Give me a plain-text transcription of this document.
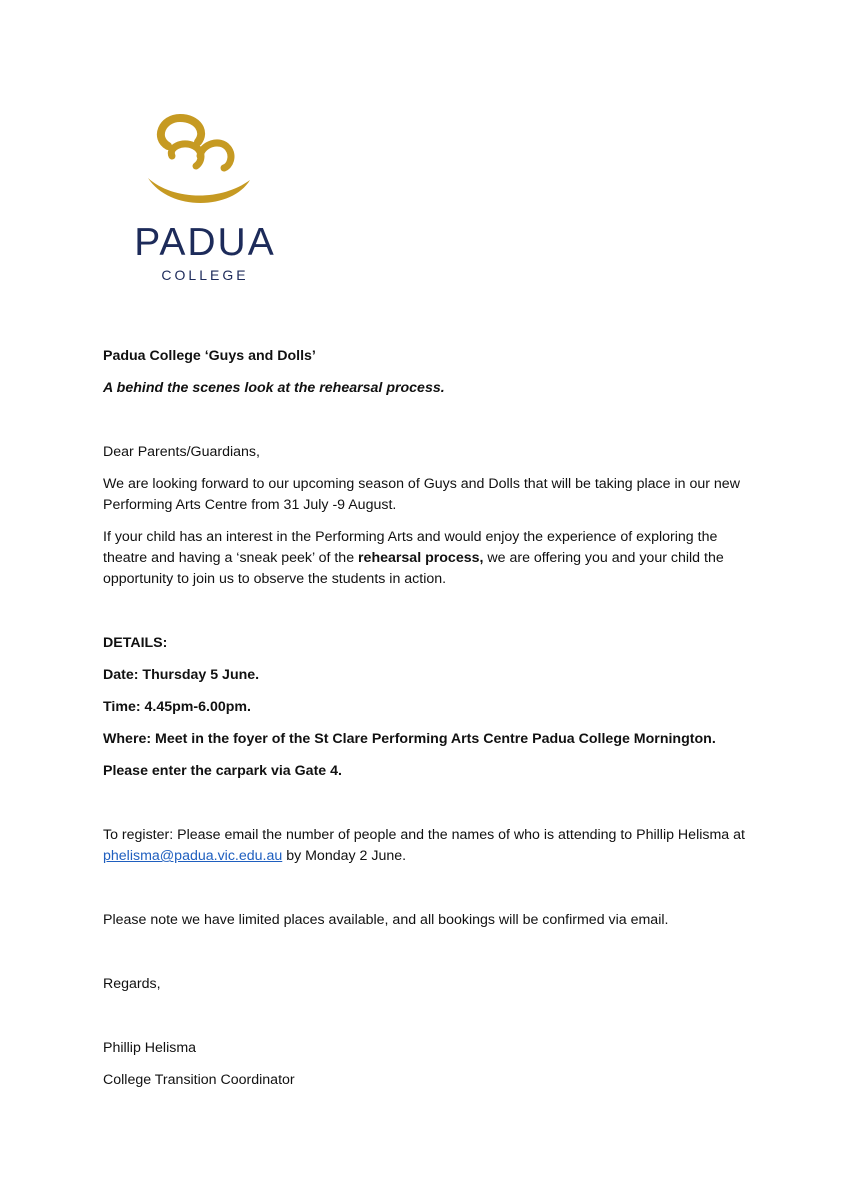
PADUA
COLLEGE
Padua College ‘Guys and Dolls’
A behind the scenes look at the rehearsal process.
Dear Parents/Guardians,
We are looking forward to our upcoming season of Guys and Dolls that will be taking place in our new Performing Arts Centre from 31 July -9 August.
If your child has an interest in the Performing Arts and would enjoy the experience of exploring the theatre and having a ‘sneak peek’ of the rehearsal process, we are offering you and your child the opportunity to join us to observe the students in action.
DETAILS:
Date: Thursday 5 June.
Time: 4.45pm-6.00pm.
Where: Meet in the foyer of the St Clare Performing Arts Centre Padua College Mornington.
Please enter the carpark via Gate 4.
To register: Please email the number of people and the names of who is attending to Phillip Helisma at phelisma@padua.vic.edu.au by Monday 2 June.
Please note we have limited places available, and all bookings will be confirmed via email.
Regards,
Phillip Helisma
College Transition Coordinator
